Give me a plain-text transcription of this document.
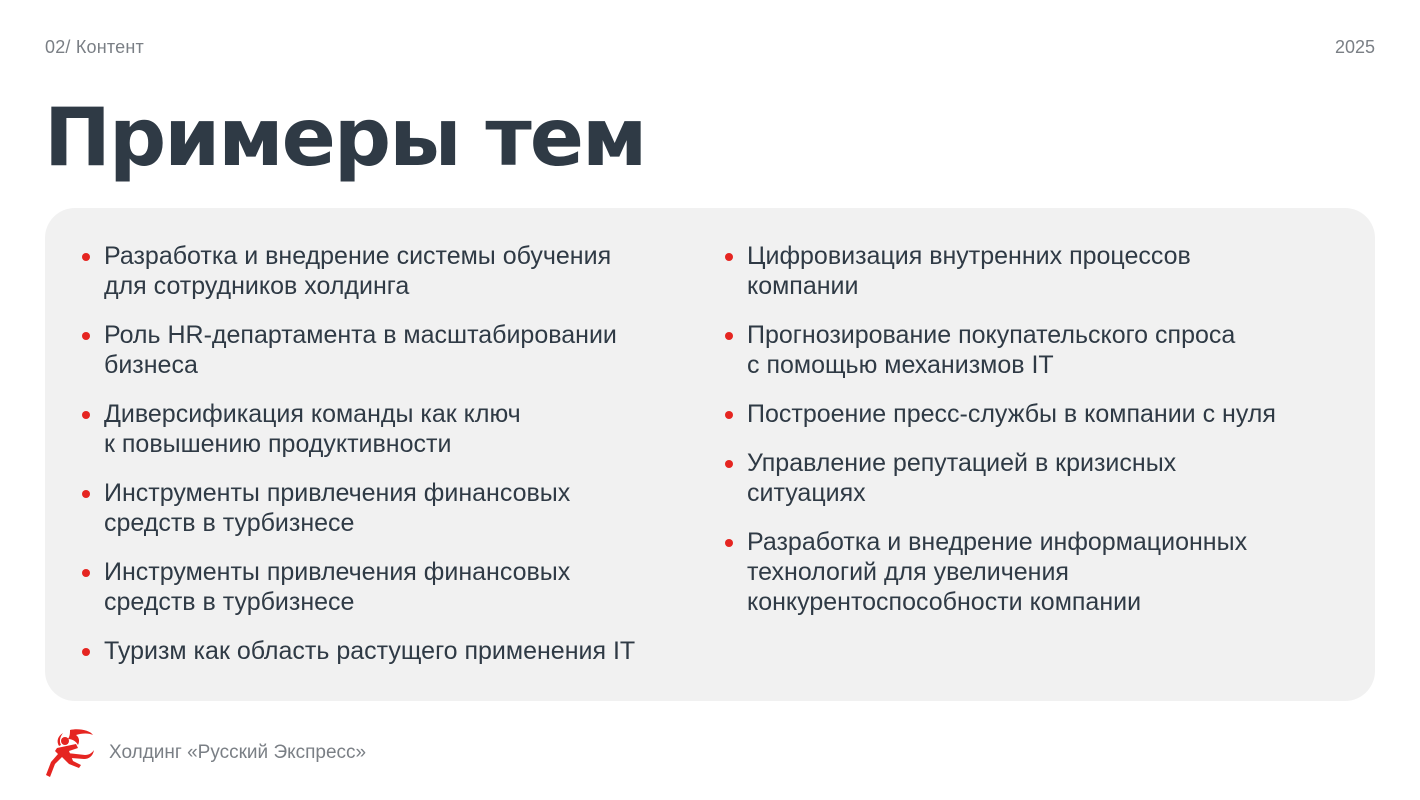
02/ Контент	2025
Примеры тем
Разработка и внедрение системы обучения
для сотрудников холдинга
Роль HR-департамента в масштабировании
бизнеса
Диверсификация команды как ключ
к повышению продуктивности
Инструменты привлечения финансовых
средств в турбизнесе
Инструменты привлечения финансовых
средств в турбизнесе
Туризм как область растущего применения IT
Цифровизация внутренних процессов
компании
Прогнозирование покупательского спроса
с помощью механизмов IT
Построение пресс-службы в компании с нуля
Управление репутацией в кризисных
ситуациях
Разработка и внедрение информационных
технологий для увеличения
конкурентоспособности компании
Холдинг «Русский Экспресс»
